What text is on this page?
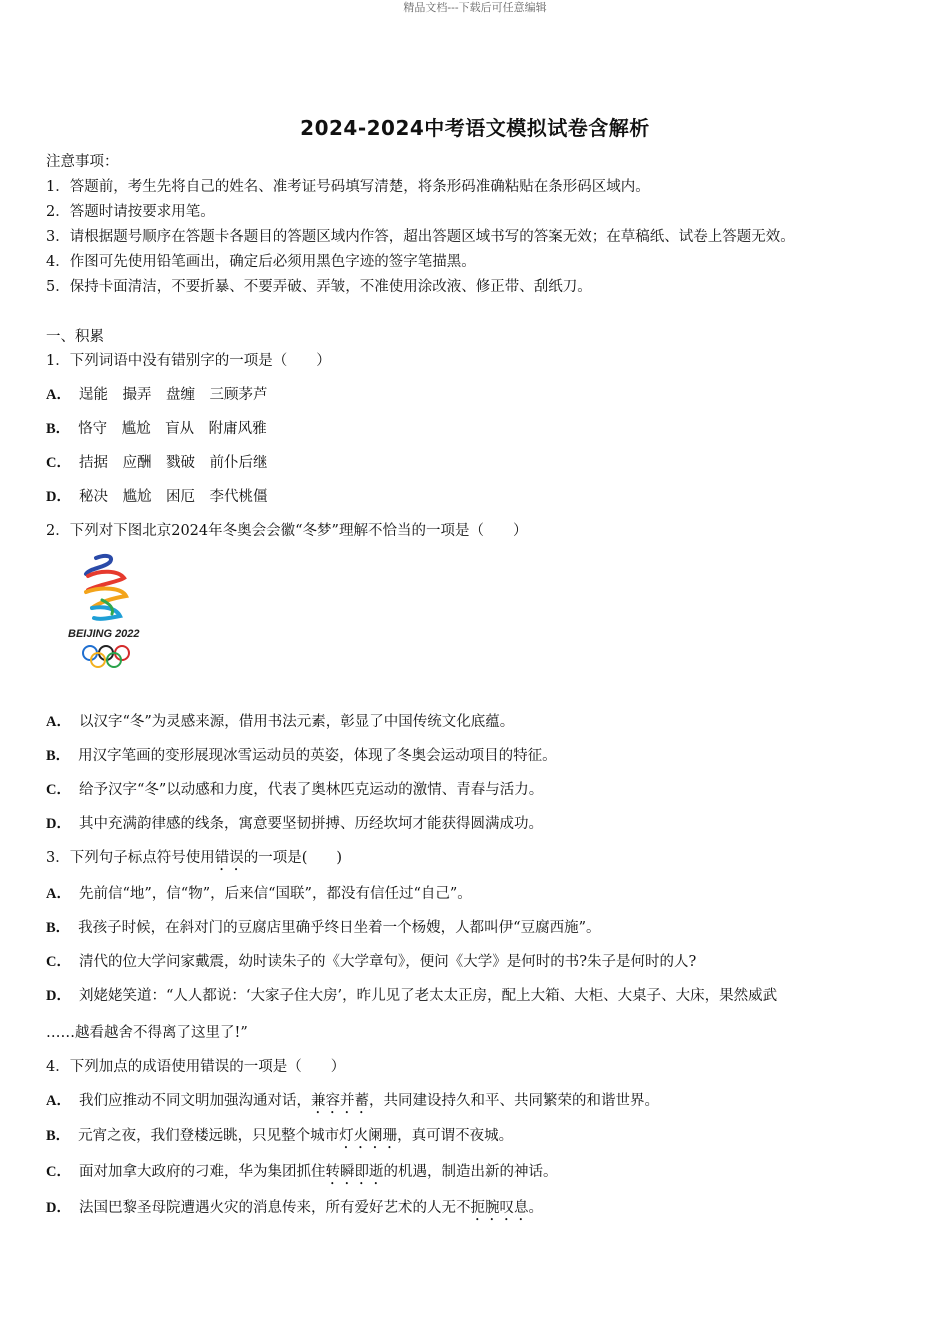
精品文档---下载后可任意编辑
2024-2024中考语文模拟试卷含解析
注意事项：
1．答题前，考生先将自己的姓名、准考证号码填写清楚，将条形码准确粘贴在条形码区域内。
2．答题时请按要求用笔。
3．请根据题号顺序在答题卡各题目的答题区域内作答，超出答题区域书写的答案无效；在草稿纸、试卷上答题无效。
4．作图可先使用铅笔画出，确定后必须用黑色字迹的签字笔描黑。
5．保持卡面清洁，不要折暴、不要弄破、弄皱，不准使用涂改液、修正带、刮纸刀。
一、积累
1．下列词语中没有错别字的一项是（　　）
A． 逞能　撮弄　盘缠　三顾茅芦
B． 恪守　尴尬　盲从　附庸风雅
C． 拮据　应酬　戮破　前仆后继
D． 秘决　尴尬　困厄　李代桃僵
2．下列对下图北京2024年冬奥会会徽“冬梦”理解不恰当的一项是（　　）
BEIJING 2022
A． 以汉字“冬”为灵感来源，借用书法元素，彰显了中国传统文化底蕴。
B． 用汉字笔画的变形展现冰雪运动员的英姿，体现了冬奥会运动项目的特征。
C． 给予汉字“冬”以动感和力度，代表了奥林匹克运动的激情、青春与活力。
D． 其中充满韵律感的线条，寓意要坚韧拼搏、历经坎坷才能获得圆满成功。
3．下列句子标点符号使用错误的一项是(　　)
A． 先前信“地”，信“物”，后来信“国联”，都没有信任过“自己”。
B． 我孩子时候，在斜对门的豆腐店里确乎终日坐着一个杨嫂，人都叫伊“豆腐西施”。
C． 清代的位大学问家戴震，幼时读朱子的《大学章句》，便问《大学》是何时的书?朱子是何时的人?
D． 刘姥姥笑道：“人人都说：‘大家子住大房’，昨儿见了老太太正房，配上大箱、大柜、大桌子、大床，果然威武
……越看越舍不得离了这里了!”
4．下列加点的成语使用错误的一项是（　　）
A． 我们应推动不同文明加强沟通对话，兼容并蓄，共同建设持久和平、共同繁荣的和谐世界。
B． 元宵之夜，我们登楼远眺，只见整个城市灯火阑珊，真可谓不夜城。
C． 面对加拿大政府的刁难，华为集团抓住转瞬即逝的机遇，制造出新的神话。
D． 法国巴黎圣母院遭遇火灾的消息传来，所有爱好艺术的人无不扼腕叹息。
